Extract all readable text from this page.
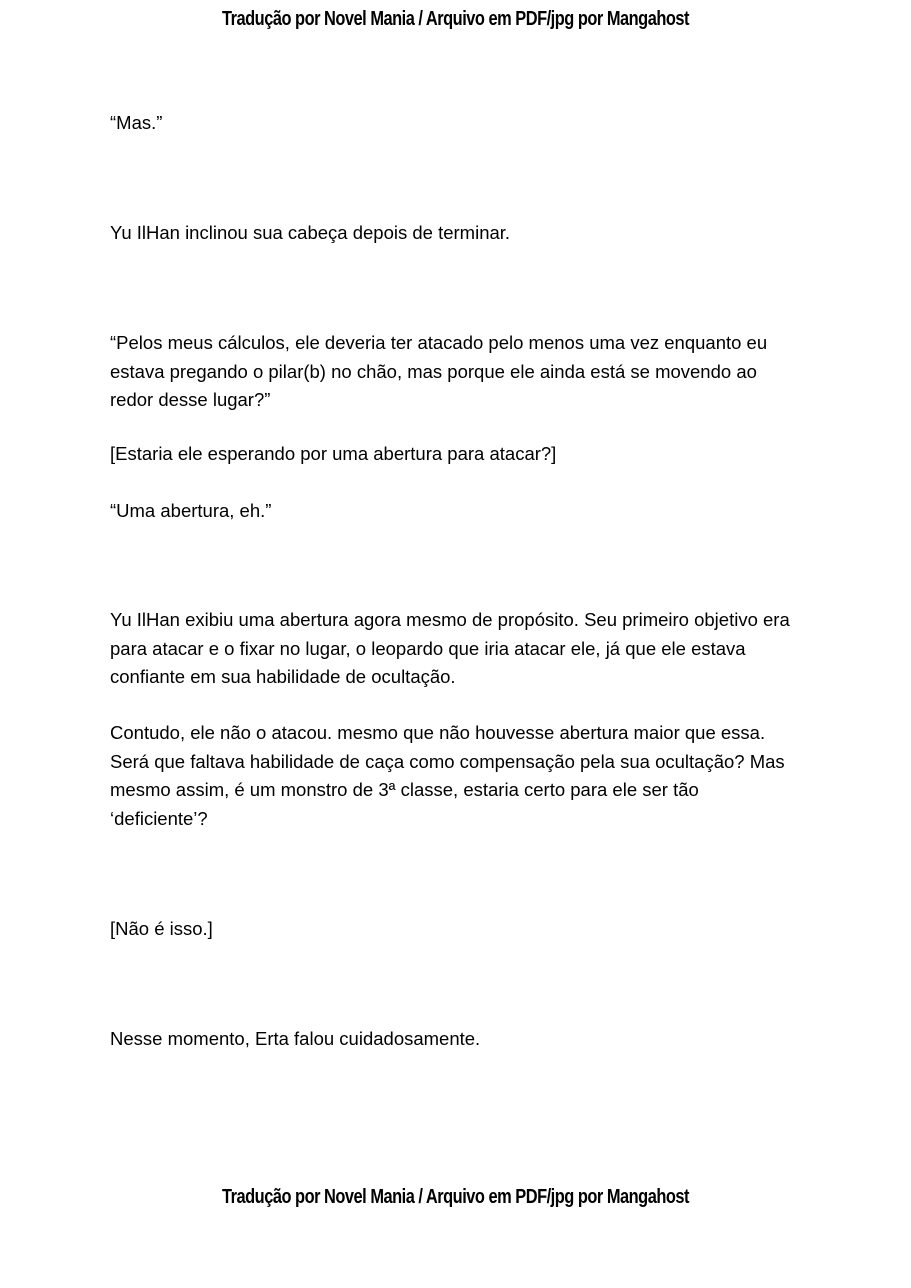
Tradução por Novel Mania / Arquivo em PDF/jpg por Mangahost

“Mas.”

Yu IlHan inclinou sua cabeça depois de terminar.

“Pelos meus cálculos, ele deveria ter atacado pelo menos uma vez enquanto eu estava pregando o pilar(b) no chão, mas porque ele ainda está se movendo ao redor desse lugar?”

[Estaria ele esperando por uma abertura para atacar?]

“Uma abertura, eh.”

Yu IlHan exibiu uma abertura agora mesmo de propósito. Seu primeiro objetivo era para atacar e o fixar no lugar, o leopardo que iria atacar ele, já que ele estava confiante em sua habilidade de ocultação.

Contudo, ele não o atacou. mesmo que não houvesse abertura maior que essa. Será que faltava habilidade de caça como compensação pela sua ocultação? Mas mesmo assim, é um monstro de 3ª classe, estaria certo para ele ser tão ‘deficiente’?

[Não é isso.]

Nesse momento, Erta falou cuidadosamente.

Tradução por Novel Mania / Arquivo em PDF/jpg por Mangahost
